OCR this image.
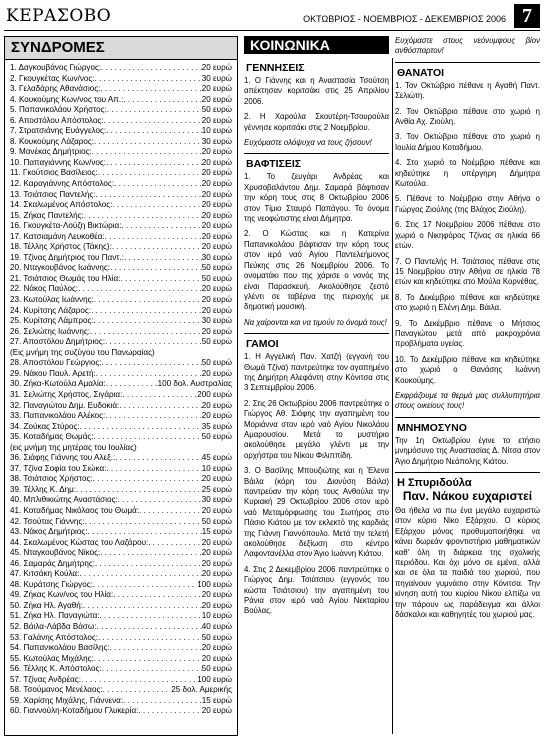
ΚΕΡΑΣΟΒΟ	ΟΚΤΩΒΡΙΟΣ - ΝΟΕΜΒΡΙΟΣ - ΔΕΚΕΜΒΡΙΟΣ 2006 7
ΣΥΝΔΡΟΜΕΣ
1. Δαγκουβάνος Γιώργος: . . .	20 ευρώ
2. Γκουγκέτας Κων/νος: . . .	30 ευρώ
3. Γελαδάρης Αθανάσιος: . . .	20 ευρώ
4. Κουκούμης Κων/νος του Απ.: . . .	20 ευρώ
5. Παπανικολάου Χρήστος: . . .	50 ευρώ
6. Αποστόλου Απόστολος: . . .	20 ευρώ
7. Στρατσιάνης Ευάγγελος: . . .	10 ευρώ
8. Κουκούμης Λάζαρος: . . .	30 ευρώ
9. Μανέκας Δημήτριος: . . .	20 ευρώ
10. Παπαγιάννης Κων/νος: . . .	20 ευρώ
11. Γκούτσιος Βασίλειος: . . .	20 ευρώ
12. Καραγιάννης Απόστολος: . . .	20 ευρώ
13. Τσιάτσιος Παντελής: . . .	20 ευρώ
14. Σκαλωμένος Απόστολος: . . .	20 ευρώ
15. Ζήκας Παντελής: . . .	20 ευρώ
16. Γκουγκέτα-Λούζη Βικτώρια: . . .	20 ευρώ
17. Κατσιαμάνη Λευκοθέα: . . .	20 ευρώ
18. Τέλλης Χρήστος (Τάκης): . . .	20 ευρώ
19. Τζίνας Δημήτριος του Παντ.: . . .	30 ευρώ
20. Νταγκουβάνος Ιωάννης: . . .	50 ευρώ
21. Τσιάτσιος Θωμάς του Ηλία: . . .	50 ευρώ
22. Νάκος Παύλος: . . .	20 ευρώ
23. Κωτούλας Ιωάννης: . . .	20 ευρώ
24. Κυρίτσης Λάζαρος: . . .	20 ευρώ
25. Κυρίτσης Λάμπρος: . . .	30 ευρώ
26. Σελιώτης Ιωάννης: . . .	20 ευρώ
27. Αποστόλου Δημήτριος: . . .	50 ευρώ
(Εις μνήμη της συζύγου του Πανωραίας)
28. Αποστόλου Γεώργιος: . . .	50 ευρώ
29. Νάκου Παυλ. Αρετή: . . .	20 ευρώ
30. Ζήκα-Κωτούλα Αμαλία: . . .	100 δολ. Αυστραλίας
31. Σελιώτης Χρήστος, Σιγάρια: . . .	200 ευρώ
32. Παναγιώτου Δημ. Ευδοκιά: . . .	20 ευρώ
33. Παπανικολάου Αλέκος: . . .	20 ευρώ
34. Ζούκας Στύρος: . . .	35 ευρώ
35. Κοταδήμας Θωμάς: . . .	50 ευρώ
(εις μνήμη της μητέρας του Ιουλίας)
36. Σιάφης Γιάννης του Αλεξ.: . . .	45 ευρώ
37. Τζίνα Σοφία του Σιώκα: . . .	10 ευρώ
38. Τσιάτσιος Χρήστος: . . .	20 ευρώ
39. Τέλλης Κ. Δημ: . . .	25 ευρώ
40. Μπλιθικιώτης Αναστάσιος: . . .	30 ευρώ
41. Κοταδήμας Νικόλαος του Θωμά: . . .	20 ευρώ
42. Τσούτας Γιάννης: . . .	50 ευρώ
43. Νάκος Δημήτριος: . . .	15 ευρώ
44. Σκαλωμένος Κώστας του Λαζάρου: . . .	20 ευρώ
45. Νταγκουβάνος Νίκος: . . .	20 ευρώ
46. Σαμαράς Δημήτρης: . . .	20 ευρώ
47. Κιτσάκη Κούλα: . . .	20 ευρώ
48. Κυράτσης Γιώργος: . . .	100 ευρώ
49. Ζήκας Κων/νος του Ηλία: . . .	20 ευρώ
50. Ζήκα Ηλ. Αγαθή: . . .	20 ευρώ
51. Ζήκα Ηλ. Παναγιώτα: . . .	10 ευρώ
52. Βάιλα-Λάβδα Βάσω: . . .	40 ευρώ
53. Γαλάνης Απόστολος: . . .	50 ευρώ
54. Παπανικολάου Βασίλης: . . .	20 ευρώ
55. Κωτούλας Μιχάλης: . . .	20 ευρώ
56. Τέλλης Κ. Απόστολος: . . .	50 ευρώ
57. Τζίνας Ανδρέας: . . .	100 ευρώ
58. Τσούμανος Μενέλαος: . . .	25 δολ. Αμερικής
59. Χαρίσης Μιχάλης, Γιάννενα: . . .	15 ευρώ
60. Γιαννούλη-Κοταδήμου Γλυκερία: . . .	20 ευρώ
ΚΟΙΝΩΝΙΚΑ
ΓΕΝΝΗΣΕΙΣ

1. Ο Γιάννης και η Αναστασία Τσούτση απέκτησαν κοριτσάκι στις 25 Απριλίου 2006.

2. Η Χαρούλα Σκουτέρη-Τσουρούλα γέννησε κοριτσάκι στις 2 Νοεμβρίου.

Ευχόμαστε ολόψυχα να τους ζήσουν!

ΒΑΦΤΙΣΕΙΣ

1. Το ζευγάρι Ανδρέας και Χρυσοβαλάντου Δημ. Σαμαρά βάφτισαν την κόρη τους στις 8 Οκτωβρίου 2006 στον Τίμιο Σταυρό Παπάγου. Το όνομα της νεοφώτιστης είναι Δήμητρα.

2. Ο Κώστας και η Κατερίνα Παπανικολάου βάφτισαν την κόρη τους στον ιερό ναό Αγίου Παντελεήμονος Πεύκης στις 26 Νοεμβρίου 2006. Το ονοματάκι που της χάρισε ο νονός της είναι Παρασκευή. Ακολούθησε ζεστό γλέντι σε ταβέρνα της περιοχής με δημοτική μουσική.

Να χαίρονται και να τιμούν το όνομά τους!

ΓΑΜΟΙ

1. Η Αγγελική Παν. Χατζή (εγγονή του Θωμά Τζίνα) παντρεύτηκε τον αγαπημένο της Δημήτρη Αλεφάντη στην Κόνιτσα στις 3 Σεπτεμβρίου 2006.

2. Στις 26 Οκτωβρίου 2006 παντρεύτηκε ο Γιώργος Αθ. Σιόφης την αγαπημένη του Μοριάννα στον ιερό ναό Αγίου Νικολάου Αμαρουσίου. Μετά το μυστήριο ακολούθησε μεγάλο γλέντι με την ορχήστρα του Νίκου Φιλιππίδη.

3. Ο Βασίλης Μπουζιώτης και η Έλενα Βάιλα (κόρη του Διονύση Βάιλα) παντρεύαν την κόρη τους Ανθούλα την Κυριακή 29 Οκτωβρίου 2006 στον ιερό ναό Μεταμόρφωσης του Σωτήρος στο Πάσιο Κιάτου με τον εκλεκτό της καρδιάς της Γιάννη Γιαννόπουλο. Μετά την τελετή ακολούθησε δεξίωση στο κέντρο Λαφοντανέλλα στον Άγιο Ιωάννη Κιάτου.

4. Στις 2 Δεκεμβρίου 2006 παντρεύτηκε ο Γιώργος Δημ. Τσιάτσιου (εγγονός του κώστα Τσιάτσιου) την αγαπημένη του Ράνια στον ιερό ναό Αγίου Νεκταρίου Βούλας.

Ευχόμαστε στους νεόνυμφους βίον ανθόσπαρτον!

ΘΑΝΑΤΟΙ

1. Τον Οκτώβριο πέθανε η Αγαθή Παντ. Σελιώτη.

2. Τον Οκτώβριο πέθανε στο χωριό η Ανθία Αχ. Ζιούλη.

3. Τον Οκτώβριο πέθανε στο χωριό η Ιουλία Δήμου Κοταδήμου.

4. Στο χωριό το Νοέμβριο πέθανε και κηδεύτηκε η υπέργηρη Δήμητρα Κωτούλα.

5. Πέθανε το Νοέμβριο στην Αθήνα ο Γιώργος Ζιούλης (της Βλάχος Ζιούλη).

6. Στις 17 Νοεμβρίου 2006 πέθανε στο χωριό ο Νικηφόρος Τζίνας σε ηλικία 66 ετών.

7. Ο Παντελής Η. Τσιάτσιος πέθανε στις 15 Νοεμβρίου στην Αθήνα σε ηλικία 78 ετών και κηδεύτηκε στο Μούλα Κορνέθας.

8. Το Δεκέμβριο πέθανε και κηδεύτηκε στο χωριό η Ελένη Δημ. Βάιλα.

9. Το Δεκέμβριο πέθανε ο Μήτσιος Παναγιώτου μετά από μακροχρόνια προβλήματα υγείας.

10. Το Δεκέμβριο πέθανε και κηδεύτηκε στο χωριό ο Θανάσης Ιωάννη Κουκούμης.

Εκφράζουμε τα θερμά μας συλλυπητήρια στους οικείους τους!

ΜΝΗΜΟΣΥΝΟ

Την 1η Οκτωβρίου έγινε το ετήσιο μνημόσυνο της Αναστασίας Δ. Νίτσα στον Άγιο Δημήτριο Νεάπολης Κιάτου.

Η Σπυριδούλα
Παν. Νάκου ευχαριστεί

Θα ήθελα να πω ένα μεγάλο ευχαριστώ στον κύριο Νίκο Εξάρχου. Ο κύριος Εξάρχου μόνος προθυμοποιήθηκε να κάνει δωρεάν φροντιστήριο μαθηματικών καθ' όλη τη διάρκεια της σχολικής περιόδου. Και όχι μόνο σε εμένα, αλλά και σε όλα τα παιδιά του χωριού, που πηγαίνουν γυμνάσιο στην Κόνιτσα. Την κίνηση αυτή του κυρίου Νίκου ελπίζω να την πάρουν ως παράδειγμα και άλλοι δάσκαλοι και καθηγητές του χωριού μας.
